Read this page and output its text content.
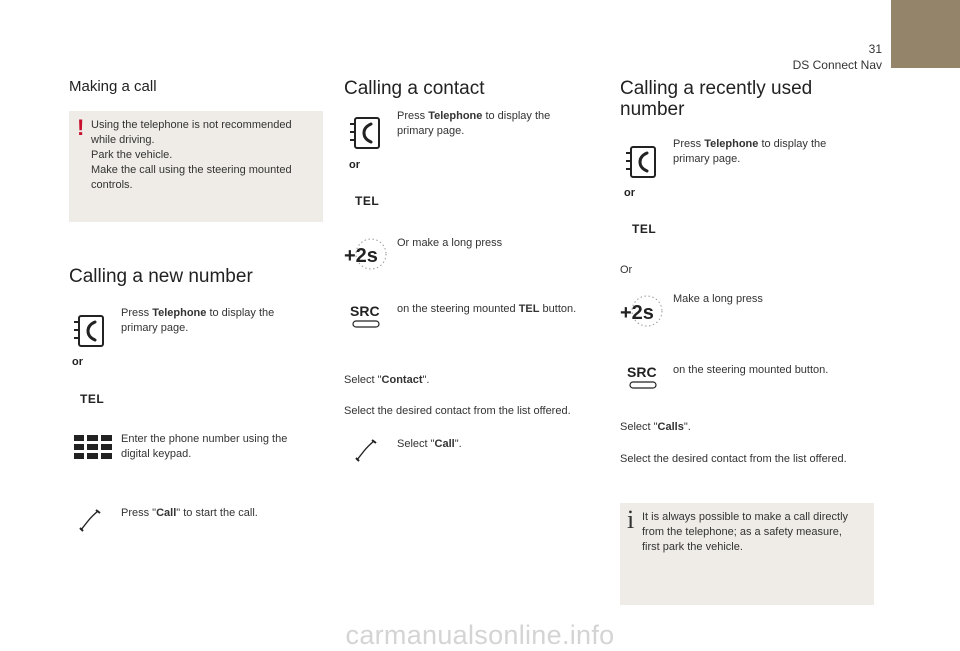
31
DS Connect Nav
Making a call
! Using the telephone is not recommended
while driving.
Park the vehicle.
Make the call using the steering mounted
controls.
Calling a new number
Press Telephone to display the
primary page.
or
TEL
Enter the phone number using the
digital keypad.
Press "Call" to start the call.
Calling a contact
Press Telephone to display the
primary page.
or
TEL
+2s
Or make a long press
SRC on the steering mounted TEL button.
Select "Contact".
Select the desired contact from the list offered.
Select "Call".
Calling a recently used
number
Press Telephone to display the
primary page.
or
TEL
Or
+2s
Make a long press
SRC on the steering mounted button.
Select "Calls".
Select the desired contact from the list offered.
i It is always possible to make a call directly
from the telephone; as a safety measure,
first park the vehicle.
carmanualsonline.info
